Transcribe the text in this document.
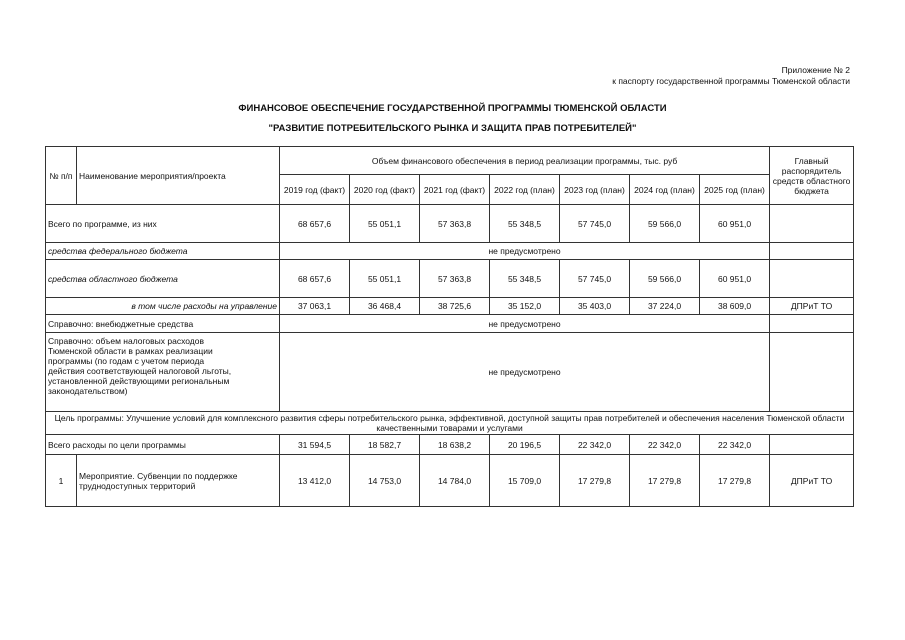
Приложение № 2
к паспорту государственной программы Тюменской области
ФИНАНСОВОЕ ОБЕСПЕЧЕНИЕ ГОСУДАРСТВЕННОЙ ПРОГРАММЫ ТЮМЕНСКОЙ ОБЛАСТИ
"РАЗВИТИЕ ПОТРЕБИТЕЛЬСКОГО РЫНКА И ЗАЩИТА ПРАВ ПОТРЕБИТЕЛЕЙ"
№ п/п	Наименование мероприятия/проекта	Объем финансового обеспечения в период реализации программы, тыс. руб							Главный распорядитель средств областного бюджета
		2019 год (факт)	2020 год (факт)	2021 год (факт)	2022 год (план)	2023 год (план)	2024 год (план)	2025 год (план)	
Всего по программе, из них		68 657,6	55 051,1	57 363,8	55 348,5	57 745,0	59 566,0	60 951,0	
средства федерального бюджета		не предусмотрено							
средства областного бюджета		68 657,6	55 051,1	57 363,8	55 348,5	57 745,0	59 566,0	60 951,0	
в том числе расходы на управление		37 063,1	36 468,4	38 725,6	35 152,0	35 403,0	37 224,0	38 609,0	ДПРиТ ТО
Справочно: внебюджетные средства		не предусмотрено							
Справочно: объем налоговых расходов Тюменской области в рамках реализации программы (по годам с учетом периода действия соответствующей налоговой льготы, установленной действующими региональным законодательством)		не предусмотрено							
Цель программы: Улучшение условий для комплексного развития сферы потребительского рынка, эффективной, доступной защиты прав потребителей и обеспечения населения Тюменской области качественными товарами и услугами									
Всего расходы по цели программы		31 594,5	18 582,7	18 638,2	20 196,5	22 342,0	22 342,0	22 342,0	
1	Мероприятие. Субвенции по поддержке труднодоступных территорий	13 412,0	14 753,0	14 784,0	15 709,0	17 279,8	17 279,8	17 279,8	ДПРиТ ТО
